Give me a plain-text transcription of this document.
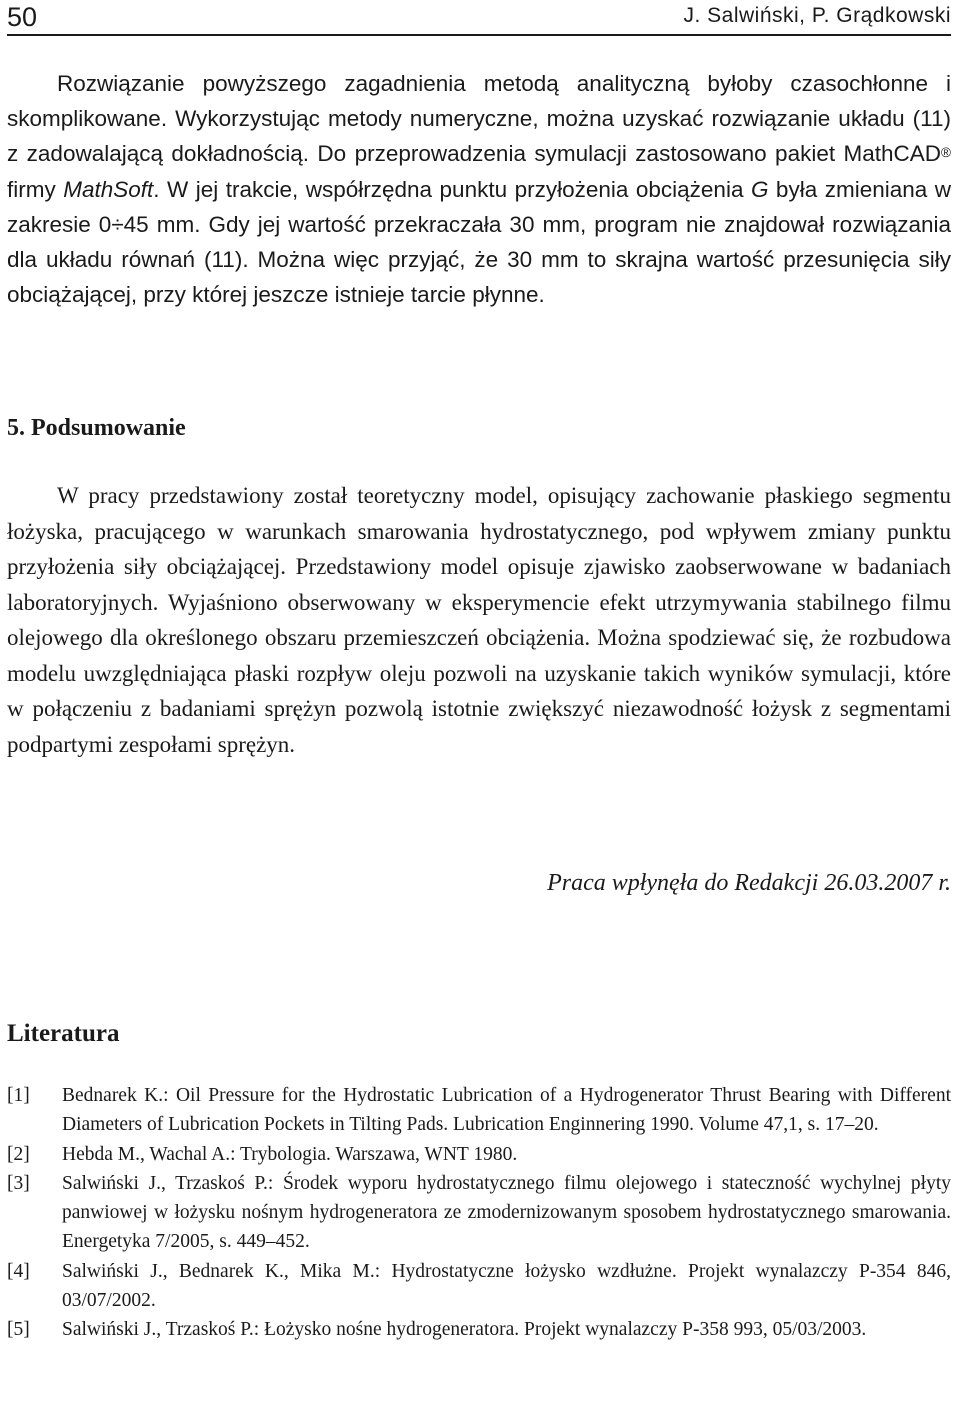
50	J. Salwiński, P. Grądkowski

Rozwiązanie powyższego zagadnienia metodą analityczną byłoby czasochłonne i skomplikowane. Wykorzystując metody numeryczne, można uzyskać rozwiązanie układu (11) z zadowalającą dokładnością. Do przeprowadzenia symulacji zastosowano pakiet MathCAD® firmy MathSoft. W jej trakcie, współrzędna punktu przyłożenia obciążenia G była zmieniana w zakresie 0÷45 mm. Gdy jej wartość przekraczała 30 mm, program nie znajdował rozwiązania dla układu równań (11). Można więc przyjąć, że 30 mm to skrajna wartość przesunięcia siły obciążającej, przy której jeszcze istnieje tarcie płynne.

5. Podsumowanie

W pracy przedstawiony został teoretyczny model, opisujący zachowanie płaskiego segmentu łożyska, pracującego w warunkach smarowania hydrostatycznego, pod wpływem zmiany punktu przyłożenia siły obciążającej. Przedstawiony model opisuje zjawisko zaobserwowane w badaniach laboratoryjnych. Wyjaśniono obserwowany w eksperymencie efekt utrzymywania stabilnego filmu olejowego dla określonego obszaru przemieszczeń obciążenia. Można spodziewać się, że rozbudowa modelu uwzględniająca płaski rozpływ oleju pozwoli na uzyskanie takich wyników symulacji, które w połączeniu z badaniami sprężyn pozwolą istotnie zwiększyć niezawodność łożysk z segmentami podpartymi zespołami sprężyn.

Praca wpłynęła do Redakcji 26.03.2007 r.

Literatura
[1] Bednarek K.: Oil Pressure for the Hydrostatic Lubrication of a Hydrogenerator Thrust Bearing with Different Diameters of Lubrication Pockets in Tilting Pads. Lubrication Enginnering 1990. Volume 47,1, s. 17–20.
[2] Hebda M., Wachal A.: Trybologia. Warszawa, WNT 1980.
[3] Salwiński J., Trzaskoś P.: Środek wyporu hydrostatycznego filmu olejowego i stateczność wychylnej płyty panwiowej w łożysku nośnym hydrogeneratora ze zmodernizowanym sposobem hydrostatycznego smarowania. Energetyka 7/2005, s. 449–452.
[4] Salwiński J., Bednarek K., Mika M.: Hydrostatyczne łożysko wzdłużne. Projekt wynalazczy P-354 846, 03/07/2002.
[5] Salwiński J., Trzaskoś P.: Łożysko nośne hydrogeneratora. Projekt wynalazczy P-358 993, 05/03/2003.
